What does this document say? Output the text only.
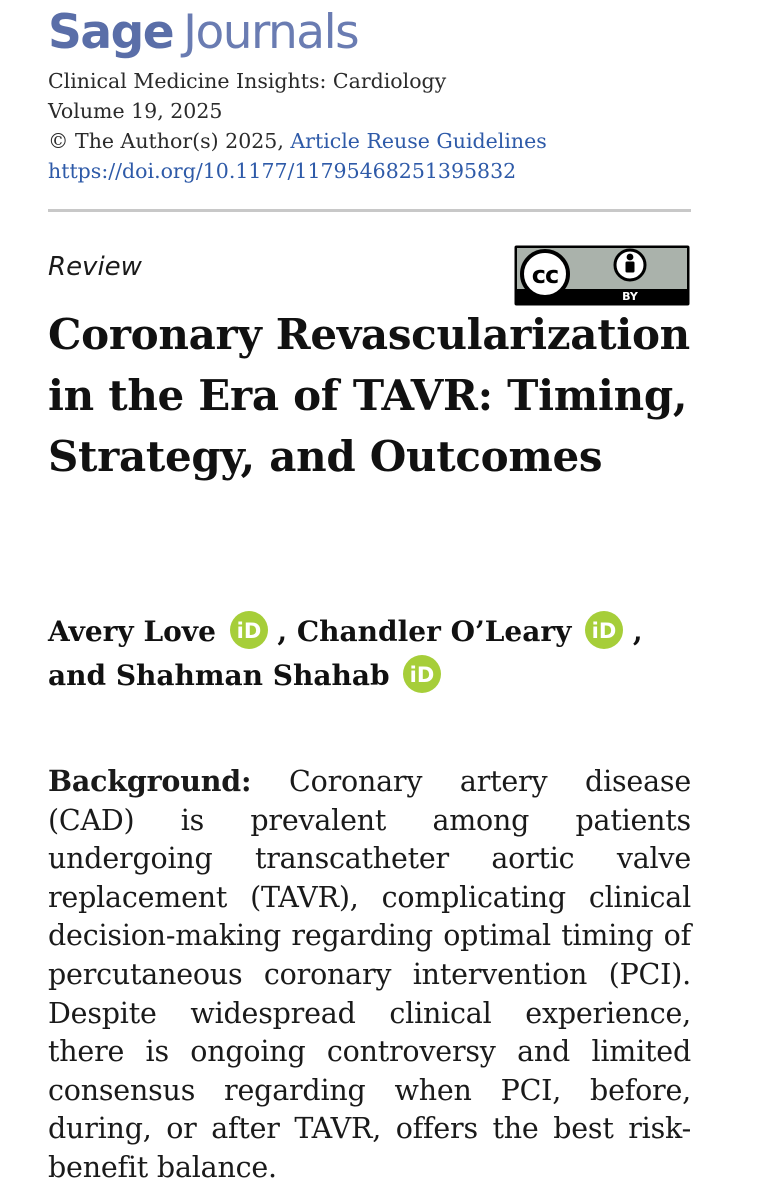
Sage Journals
Clinical Medicine Insights: Cardiology
Volume 19, 2025
© The Author(s) 2025, Article Reuse Guidelines
https://doi.org/10.1177/11795468251395832
Review	cc
BY
Coronary Revascularization in the Era of TAVR: Timing, Strategy, and Outcomes
Avery Love iD , Chandler O’Leary iD ,
and Shahman Shahab iD

Background: Coronary artery disease (CAD) is prevalent among patients undergoing transcatheter aortic valve replacement (TAVR), complicating clinical decision-making regarding optimal timing of percutaneous coronary intervention (PCI). Despite widespread clinical experience, there is ongoing controversy and limited consensus regarding when PCI, before, during, or after TAVR, offers the best risk-benefit balance.
